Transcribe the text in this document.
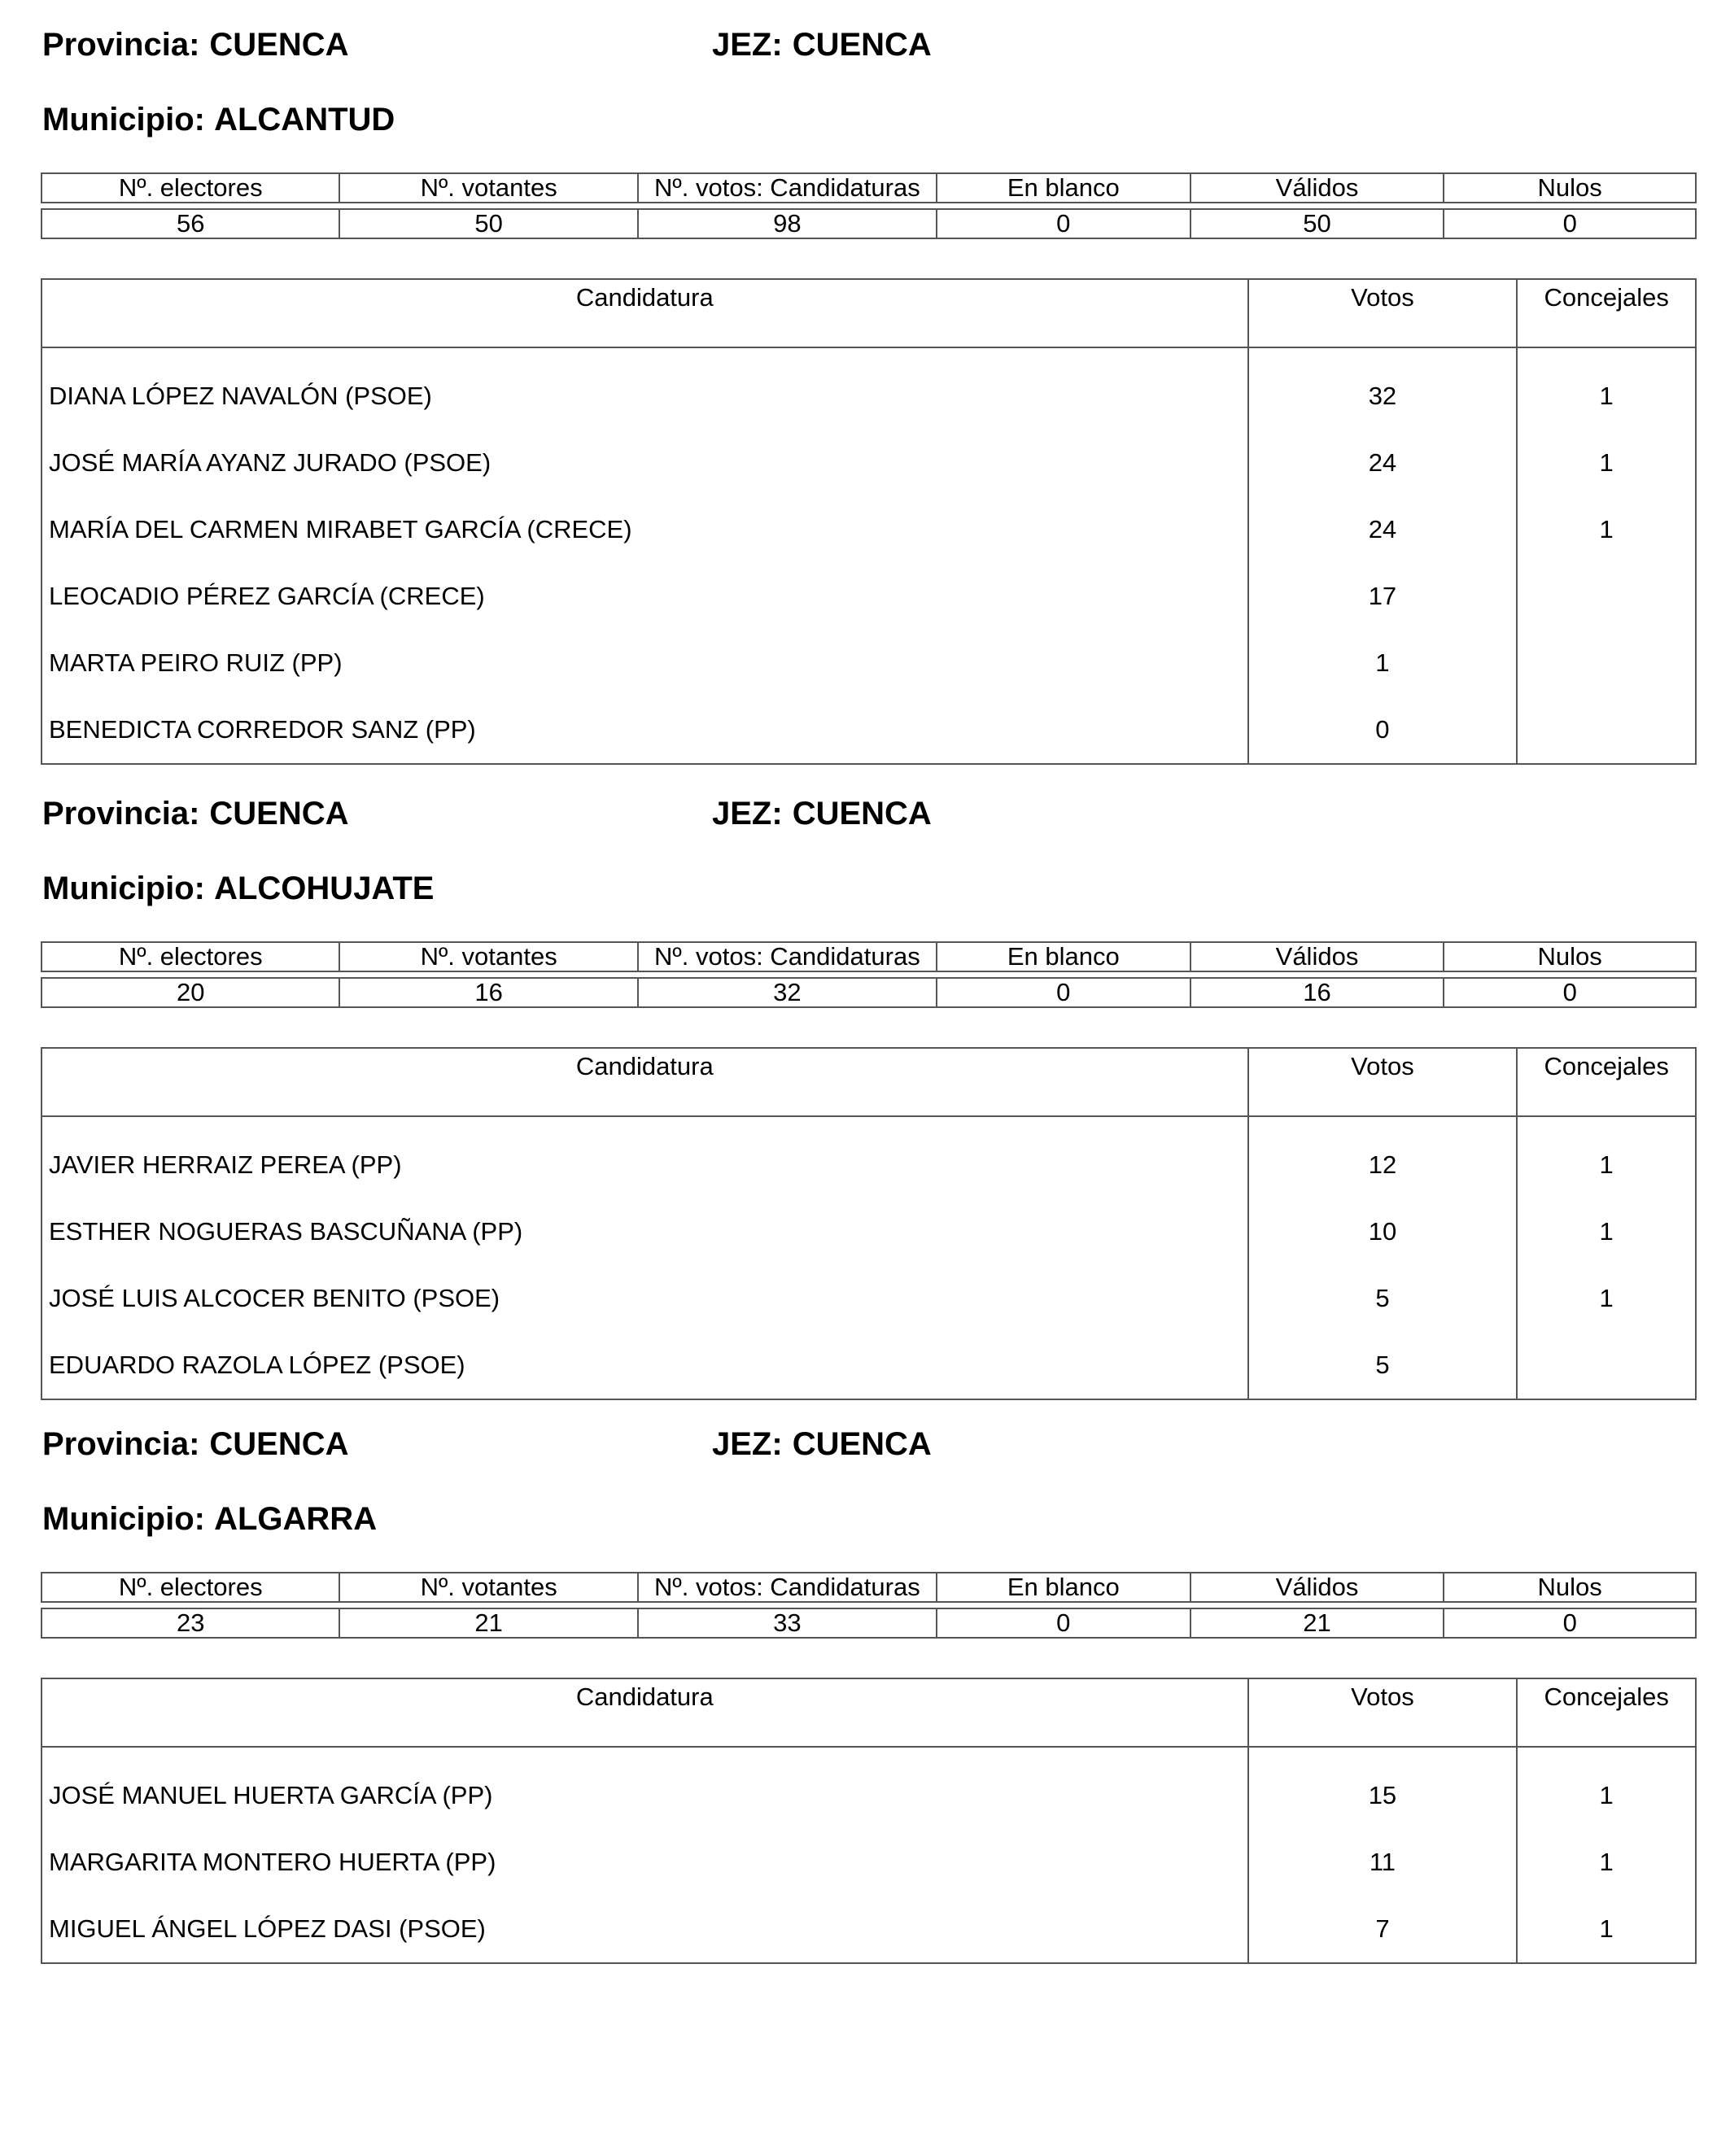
Provincia: CUENCA	JEZ: CUENCA
Municipio: ALCANTUD
Nº. electores	Nº. votantes	Nº. votos: Candidaturas	En blanco	Válidos	Nulos

56	50	98	0	50	0
Candidatura	Votos	Concejales
DIANA LÓPEZ NAVALÓN (PSOE)	32	1
JOSÉ MARÍA AYANZ JURADO (PSOE)	24	1
MARÍA DEL CARMEN MIRABET GARCÍA (CRECE)	24	1
LEOCADIO PÉREZ GARCÍA (CRECE)	17	
MARTA PEIRO RUIZ (PP)	1	
BENEDICTA CORREDOR SANZ (PP)	0	
Provincia: CUENCA	JEZ: CUENCA
Municipio: ALCOHUJATE
Nº. electores	Nº. votantes	Nº. votos: Candidaturas	En blanco	Válidos	Nulos

20	16	32	0	16	0
Candidatura	Votos	Concejales
JAVIER HERRAIZ PEREA (PP)	12	1
ESTHER NOGUERAS BASCUÑANA (PP)	10	1
JOSÉ LUIS ALCOCER BENITO (PSOE)	5	1
EDUARDO RAZOLA LÓPEZ (PSOE)	5	
Provincia: CUENCA	JEZ: CUENCA
Municipio: ALGARRA
Nº. electores	Nº. votantes	Nº. votos: Candidaturas	En blanco	Válidos	Nulos

23	21	33	0	21	0
Candidatura	Votos	Concejales
JOSÉ MANUEL HUERTA GARCÍA (PP)	15	1
MARGARITA MONTERO HUERTA (PP)	11	1
MIGUEL ÁNGEL LÓPEZ DASI (PSOE)	7	1
